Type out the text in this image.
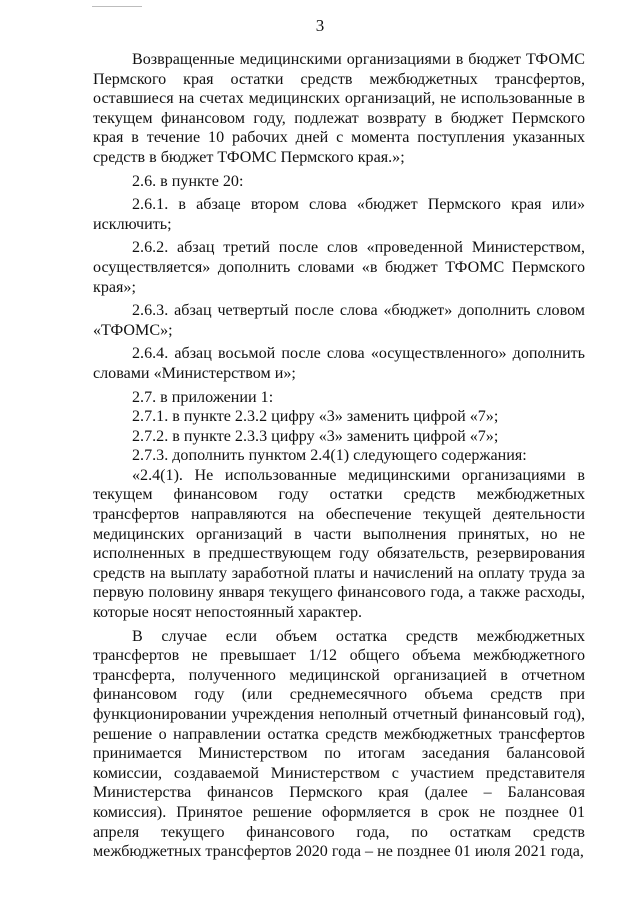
3

Возвращенные медицинскими организациями в бюджет ТФОМС Пермского края остатки средств межбюджетных трансфертов, оставшиеся на счетах медицинских организаций, не использованные в текущем финансовом году, подлежат возврату в бюджет Пермского края в течение 10 рабочих дней с момента поступления указанных средств в бюджет ТФОМС Пермского края.»;

2.6. в пункте 20:

2.6.1. в абзаце втором слова «бюджет Пермского края или» исключить;

2.6.2. абзац третий после слов «проведенной Министерством, осуществляется» дополнить словами «в бюджет ТФОМС Пермского края»;

2.6.3. абзац четвертый после слова «бюджет» дополнить словом «ТФОМС»;

2.6.4. абзац восьмой после слова «осуществленного» дополнить словами «Министерством и»;

2.7. в приложении 1:

2.7.1. в пункте 2.3.2 цифру «3» заменить цифрой «7»;

2.7.2. в пункте 2.3.3 цифру «3» заменить цифрой «7»;

2.7.3. дополнить пунктом 2.4(1) следующего содержания:

«2.4(1). Не использованные медицинскими организациями в текущем финансовом году остатки средств межбюджетных трансфертов направляются на обеспечение текущей деятельности медицинских организаций в части выполнения принятых, но не исполненных в предшествующем году обязательств, резервирования средств на выплату заработной платы и начислений на оплату труда за первую половину января текущего финансового года, а также расходы, которые носят непостоянный характер.

В случае если объем остатка средств межбюджетных трансфертов не превышает 1/12 общего объема межбюджетного трансферта, полученного медицинской организацией в отчетном финансовом году (или среднемесячного объема средств при функционировании учреждения неполный отчетный финансовый год), решение о направлении остатка средств межбюджетных трансфертов принимается Министерством по итогам заседания балансовой комиссии, создаваемой Министерством с участием представителя Министерства финансов Пермского края (далее – Балансовая комиссия). Принятое решение оформляется в срок не позднее 01 апреля текущего финансового года, по остаткам средств межбюджетных трансфертов 2020 года – не позднее 01 июля 2021 года,
